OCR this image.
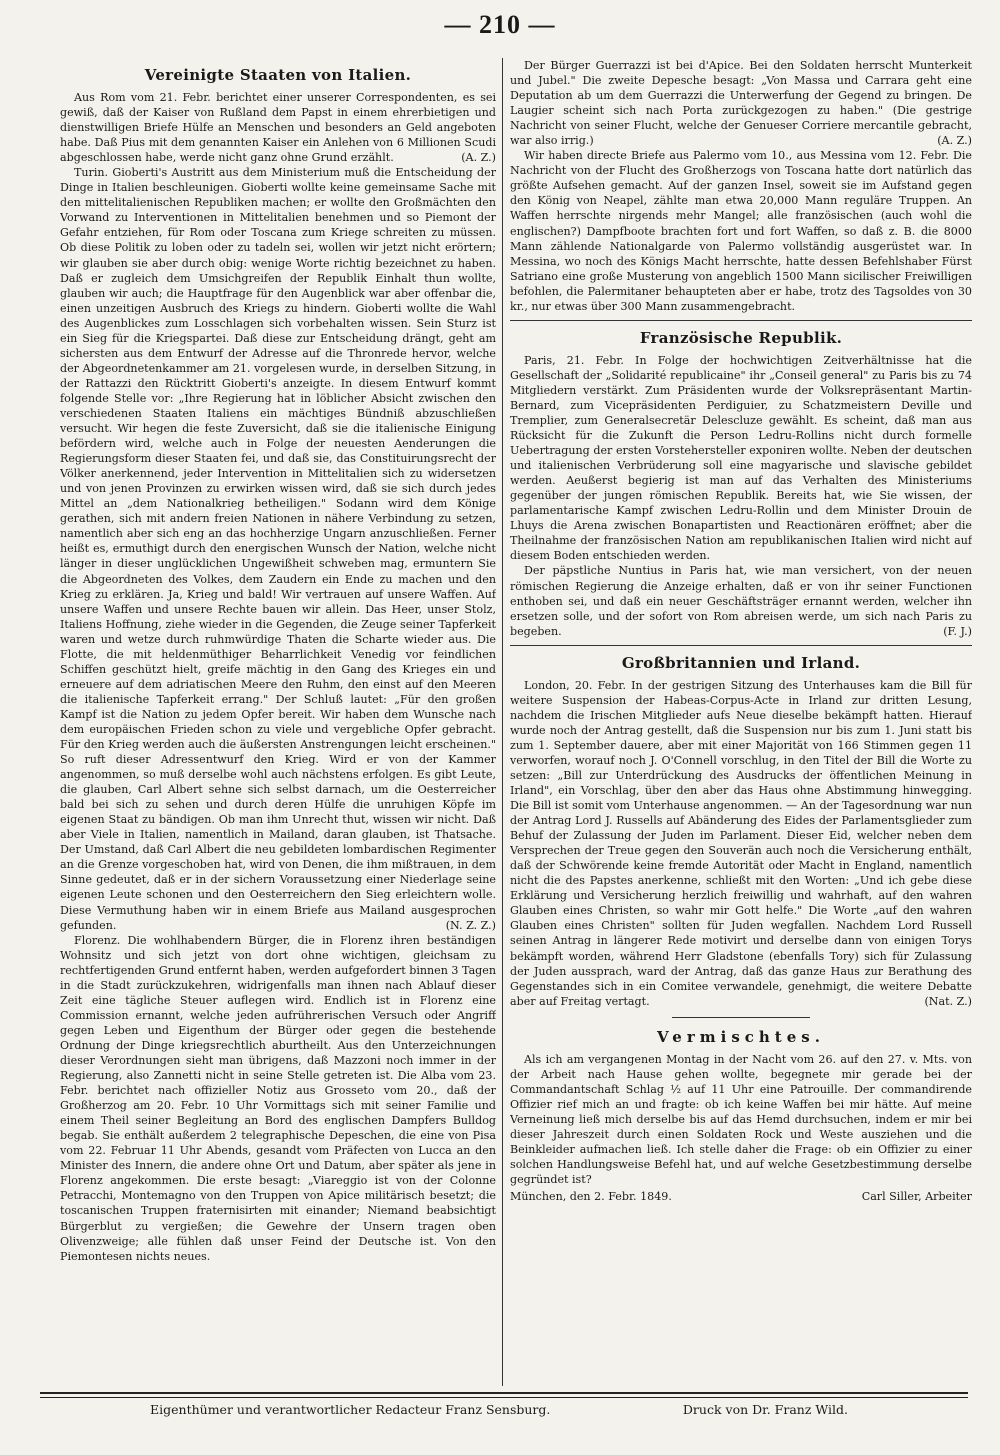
— 210 —
Vereinigte Staaten von Italien.

Aus Rom vom 21. Febr. berichtet einer unserer Correspondenten, es sei gewiß, daß der Kaiser von Rußland dem Papst in einem ehrerbietigen und dienstwilligen Briefe Hülfe an Menschen und besonders an Geld angeboten habe. Daß Pius mit dem genannten Kaiser ein Anlehen von 6 Millionen Scudi abgeschlossen habe, werde nicht ganz ohne Grund erzählt.	(A. Z.)

Turin. Gioberti's Austritt aus dem Ministerium muß die Entscheidung der Dinge in Italien beschleunigen. Gioberti wollte keine gemeinsame Sache mit den mittelitalienischen Republiken machen; er wollte den Großmächten den Vorwand zu Interventionen in Mittelitalien benehmen und so Piemont der Gefahr entziehen, für Rom oder Toscana zum Kriege schreiten zu müssen. Ob diese Politik zu loben oder zu tadeln sei, wollen wir jetzt nicht erörtern; wir glauben sie aber durch obig: wenige Worte richtig bezeichnet zu haben. Daß er zugleich dem Umsichgreifen der Republik Einhalt thun wollte, glauben wir auch; die Hauptfrage für den Augenblick war aber offenbar die, einen unzeitigen Ausbruch des Kriegs zu hindern. Gioberti wollte die Wahl des Augenblickes zum Losschlagen sich vorbehalten wissen. Sein Sturz ist ein Sieg für die Kriegspartei. Daß diese zur Entscheidung drängt, geht am sichersten aus dem Entwurf der Adresse auf die Thronrede hervor, welche der Abgeordnetenkammer am 21. vorgelesen wurde, in derselben Sitzung, in der Rattazzi den Rücktritt Gioberti's anzeigte. In diesem Entwurf kommt folgende Stelle vor: „Ihre Regierung hat in löblicher Absicht zwischen den verschiedenen Staaten Italiens ein mächtiges Bündniß abzuschließen versucht. Wir hegen die feste Zuversicht, daß sie die italienische Einigung befördern wird, welche auch in Folge der neuesten Aenderungen die Regierungsform dieser Staaten fei, und daß sie, das Constituirungsrecht der Völker anerkennend, jeder Intervention in Mittelitalien sich zu widersetzen und von jenen Provinzen zu erwirken wissen wird, daß sie sich durch jedes Mittel an „dem Nationalkrieg betheiligen." Sodann wird dem Könige gerathen, sich mit andern freien Nationen in nähere Verbindung zu setzen, namentlich aber sich eng an das hochherzige Ungarn anzuschließen. Ferner heißt es, ermuthigt durch den energischen Wunsch der Nation, welche nicht länger in dieser unglücklichen Ungewißheit schweben mag, ermuntern Sie die Abgeordneten des Volkes, dem Zaudern ein Ende zu machen und den Krieg zu erklären. Ja, Krieg und bald! Wir vertrauen auf unsere Waffen. Auf unsere Waffen und unsere Rechte bauen wir allein. Das Heer, unser Stolz, Italiens Hoffnung, ziehe wieder in die Gegenden, die Zeuge seiner Tapferkeit waren und wetze durch ruhmwürdige Thaten die Scharte wieder aus. Die Flotte, die mit heldenmüthiger Beharrlichkeit Venedig vor feindlichen Schiffen geschützt hielt, greife mächtig in den Gang des Krieges ein und erneuere auf dem adriatischen Meere den Ruhm, den einst auf den Meeren die italienische Tapferkeit errang." Der Schluß lautet: „Für den großen Kampf ist die Nation zu jedem Opfer bereit. Wir haben dem Wunsche nach dem europäischen Frieden schon zu viele und vergebliche Opfer gebracht. Für den Krieg werden auch die äußersten Anstrengungen leicht erscheinen." So ruft dieser Adressentwurf den Krieg. Wird er von der Kammer angenommen, so muß derselbe wohl auch nächstens erfolgen. Es gibt Leute, die glauben, Carl Albert sehne sich selbst darnach, um die Oesterreicher bald bei sich zu sehen und durch deren Hülfe die unruhigen Köpfe im eigenen Staat zu bändigen. Ob man ihm Unrecht thut, wissen wir nicht. Daß aber Viele in Italien, namentlich in Mailand, daran glauben, ist Thatsache. Der Umstand, daß Carl Albert die neu gebildeten lombardischen Regimenter an die Grenze vorgeschoben hat, wird von Denen, die ihm mißtrauen, in dem Sinne gedeutet, daß er in der sichern Voraussetzung einer Niederlage seine eigenen Leute schonen und den Oesterreichern den Sieg erleichtern wolle. Diese Vermuthung haben wir in einem Briefe aus Mailand ausgesprochen gefunden.	(N. Z. Z.)

Florenz. Die wohlhabendern Bürger, die in Florenz ihren beständigen Wohnsitz und sich jetzt von dort ohne wichtigen, gleichsam zu rechtfertigenden Grund entfernt haben, werden aufgefordert binnen 3 Tagen in die Stadt zurückzukehren, widrigenfalls man ihnen nach Ablauf dieser Zeit eine tägliche Steuer auflegen wird. Endlich ist in Florenz eine Commission ernannt, welche jeden aufrührerischen Versuch oder Angriff gegen Leben und Eigenthum der Bürger oder gegen die bestehende Ordnung der Dinge kriegsrechtlich aburtheilt. Aus den Unterzeichnungen dieser Verordnungen sieht man übrigens, daß Mazzoni noch immer in der Regierung, also Zannetti nicht in seine Stelle getreten ist. Die Alba vom 23. Febr. berichtet nach offizieller Notiz aus Grosseto vom 20., daß der Großherzog am 20. Febr. 10 Uhr Vormittags sich mit seiner Familie und einem Theil seiner Begleitung an Bord des englischen Dampfers Bulldog begab. Sie enthält außerdem 2 telegraphische Depeschen, die eine von Pisa vom 22. Februar 11 Uhr Abends, gesandt vom Präfecten von Lucca an den Minister des Innern, die andere ohne Ort und Datum, aber später als jene in Florenz angekommen. Die erste besagt: „Viareggio ist von der Colonne Petracchi, Montemagno von den Truppen von Apice militärisch besetzt; die toscanischen Truppen fraternisirten mit einander; Niemand beabsichtigt Bürgerblut zu vergießen; die Gewehre der Unsern tragen oben Olivenzweige; alle fühlen daß unser Feind der Deutsche ist. Von den Piemontesen nichts neues.

Der Bürger Guerrazzi ist bei d'Apice. Bei den Soldaten herrscht Munterkeit und Jubel." Die zweite Depesche besagt: „Von Massa und Carrara geht eine Deputation ab um dem Guerrazzi die Unterwerfung der Gegend zu bringen. De Laugier scheint sich nach Porta zurückgezogen zu haben." (Die gestrige Nachricht von seiner Flucht, welche der Genueser Corriere mercantile gebracht, war also irrig.)	(A. Z.)

Wir haben directe Briefe aus Palermo vom 10., aus Messina vom 12. Febr. Die Nachricht von der Flucht des Großherzogs von Toscana hatte dort natürlich das größte Aufsehen gemacht. Auf der ganzen Insel, soweit sie im Aufstand gegen den König von Neapel, zählte man etwa 20,000 Mann reguläre Truppen. An Waffen herrschte nirgends mehr Mangel; alle französischen (auch wohl die englischen?) Dampfboote brachten fort und fort Waffen, so daß z. B. die 8000 Mann zählende Nationalgarde von Palermo vollständig ausgerüstet war. In Messina, wo noch des Königs Macht herrschte, hatte dessen Befehlshaber Fürst Satriano eine große Musterung von angeblich 1500 Mann sicilischer Freiwilligen befohlen, die Palermitaner behaupteten aber er habe, trotz des Tagsoldes von 30 kr., nur etwas über 300 Mann zusammengebracht.

Französische Republik.

Paris, 21. Febr. In Folge der hochwichtigen Zeitverhältnisse hat die Gesellschaft der „Solidarité republicaine" ihr „Conseil general" zu Paris bis zu 74 Mitgliedern verstärkt. Zum Präsidenten wurde der Volksrepräsentant Martin-Bernard, zum Vicepräsidenten Perdiguier, zu Schatzmeistern Deville und Tremplier, zum Generalsecretär Delescluze gewählt. Es scheint, daß man aus Rücksicht für die Zukunft die Person Ledru-Rollins nicht durch formelle Uebertragung der ersten Vorstehersteller exponiren wollte. Neben der deutschen und italienischen Verbrüderung soll eine magyarische und slavische gebildet werden. Aeußerst begierig ist man auf das Verhalten des Ministeriums gegenüber der jungen römischen Republik. Bereits hat, wie Sie wissen, der parlamentarische Kampf zwischen Ledru-Rollin und dem Minister Drouin de Lhuys die Arena zwischen Bonapartisten und Reactionären eröffnet; aber die Theilnahme der französischen Nation am republikanischen Italien wird nicht auf diesem Boden entschieden werden.

Der päpstliche Nuntius in Paris hat, wie man versichert, von der neuen römischen Regierung die Anzeige erhalten, daß er von ihr seiner Functionen enthoben sei, und daß ein neuer Geschäftsträger ernannt werden, welcher ihn ersetzen solle, und der sofort von Rom abreisen werde, um sich nach Paris zu begeben.	(F. J.)

Großbritannien und Irland.

London, 20. Febr. In der gestrigen Sitzung des Unterhauses kam die Bill für weitere Suspension der Habeas-Corpus-Acte in Irland zur dritten Lesung, nachdem die Irischen Mitglieder aufs Neue dieselbe bekämpft hatten. Hierauf wurde noch der Antrag gestellt, daß die Suspension nur bis zum 1. Juni statt bis zum 1. September dauere, aber mit einer Majorität von 166 Stimmen gegen 11 verworfen, worauf noch J. O'Connell vorschlug, in den Titel der Bill die Worte zu setzen: „Bill zur Unterdrückung des Ausdrucks der öffentlichen Meinung in Irland", ein Vorschlag, über den aber das Haus ohne Abstimmung hinwegging. Die Bill ist somit vom Unterhause angenommen. — An der Tagesordnung war nun der Antrag Lord J. Russells auf Abänderung des Eides der Parlamentsglieder zum Behuf der Zulassung der Juden im Parlament. Dieser Eid, welcher neben dem Versprechen der Treue gegen den Souverän auch noch die Versicherung enthält, daß der Schwörende keine fremde Autorität oder Macht in England, namentlich nicht die des Papstes anerkenne, schließt mit den Worten: „Und ich gebe diese Erklärung und Versicherung herzlich freiwillig und wahrhaft, auf den wahren Glauben eines Christen, so wahr mir Gott helfe." Die Worte „auf den wahren Glauben eines Christen" sollten für Juden wegfallen. Nachdem Lord Russell seinen Antrag in längerer Rede motivirt und derselbe dann von einigen Torys bekämpft worden, während Herr Gladstone (ebenfalls Tory) sich für Zulassung der Juden aussprach, ward der Antrag, daß das ganze Haus zur Berathung des Gegenstandes sich in ein Comitee verwandele, genehmigt, die weitere Debatte aber auf Freitag vertagt.	(Nat. Z.)

Vermischtes.

Als ich am vergangenen Montag in der Nacht vom 26. auf den 27. v. Mts. von der Arbeit nach Hause gehen wollte, begegnete mir gerade bei der Commandantschaft Schlag ½ auf 11 Uhr eine Patrouille. Der commandirende Offizier rief mich an und fragte: ob ich keine Waffen bei mir hätte. Auf meine Verneinung ließ mich derselbe bis auf das Hemd durchsuchen, indem er mir bei dieser Jahreszeit durch einen Soldaten Rock und Weste ausziehen und die Beinkleider aufmachen ließ. Ich stelle daher die Frage: ob ein Offizier zu einer solchen Handlungsweise Befehl hat, und auf welche Gesetzbestimmung derselbe gegründet ist?

München, den 2. Febr. 1849.	Carl Siller, Arbeiter

Eigenthümer und verantwortlicher Redacteur Franz Sensburg.	Druck von Dr. Franz Wild.
